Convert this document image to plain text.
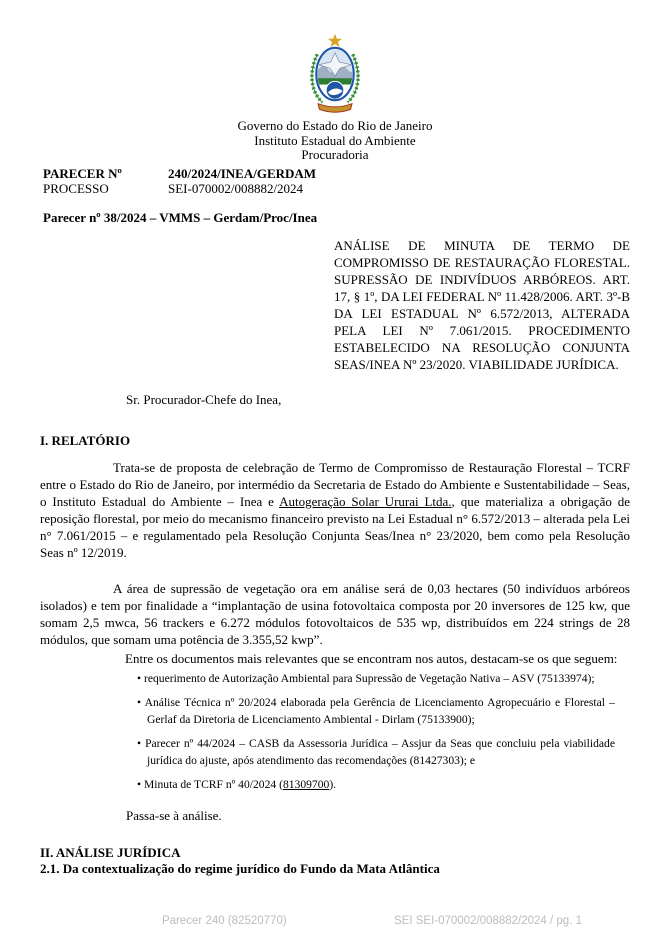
Governo do Estado do Rio de Janeiro
Instituto Estadual do Ambiente
Procuradoria
PARECER Nº	240/2024/INEA/GERDAM
PROCESSO	SEI-070002/008882/2024
Parecer nº 38/2024 – VMMS – Gerdam/Proc/Inea
ANÁLISE DE MINUTA DE TERMO DE COMPROMISSO DE RESTAURAÇÃO FLORESTAL. SUPRESSÃO DE INDIVÍDUOS ARBÓREOS. ART. 17, § 1º, DA LEI FEDERAL Nº 11.428/2006. ART. 3º-B DA LEI ESTADUAL Nº 6.572/2013, ALTERADA PELA LEI Nº 7.061/2015. PROCEDIMENTO ESTABELECIDO NA RESOLUÇÃO CONJUNTA SEAS/INEA Nº 23/2020. VIABILIDADE JURÍDICA.
Sr. Procurador-Chefe do Inea,
I. RELATÓRIO
Trata-se de proposta de celebração de Termo de Compromisso de Restauração Florestal – TCRF entre o Estado do Rio de Janeiro, por intermédio da Secretaria de Estado do Ambiente e Sustentabilidade – Seas, o Instituto Estadual do Ambiente – Inea e Autogeração Solar Ururai Ltda., que materializa a obrigação de reposição florestal, por meio do mecanismo financeiro previsto na Lei Estadual n° 6.572/2013 – alterada pela Lei n° 7.061/2015 – e regulamentado pela Resolução Conjunta Seas/Inea n° 23/2020, bem como pela Resolução Seas nº 12/2019.
A área de supressão de vegetação ora em análise será de 0,03 hectares (50 indivíduos arbóreos isolados) e tem por finalidade a “implantação de usina fotovoltaica composta por 20 inversores de 125 kw, que somam 2,5 mwca, 56 trackers e 6.272 módulos fotovoltaicos de 535 wp, distribuídos em 224 strings de 28 módulos, que somam uma potência de 3.355,52 kwp”.
Entre os documentos mais relevantes que se encontram nos autos, destacam-se os que seguem:
• requerimento de Autorização Ambiental para Supressão de Vegetação Nativa – ASV (75133974);
• Análise Técnica nº 20/2024 elaborada pela Gerência de Licenciamento Agropecuário e Florestal – Gerlaf da Diretoria de Licenciamento Ambiental - Dirlam (75133900);
• Parecer nº 44/2024 – CASB da Assessoria Jurídica – Assjur da Seas que concluiu pela viabilidade jurídica do ajuste, após atendimento das recomendações (81427303); e
• Minuta de TCRF nº 40/2024 (81309700).
Passa-se à análise.
II. ANÁLISE JURÍDICA
2.1. Da contextualização do regime jurídico do Fundo da Mata Atlântica
Parecer 240 (82520770)	SEI SEI-070002/008882/2024 / pg. 1
